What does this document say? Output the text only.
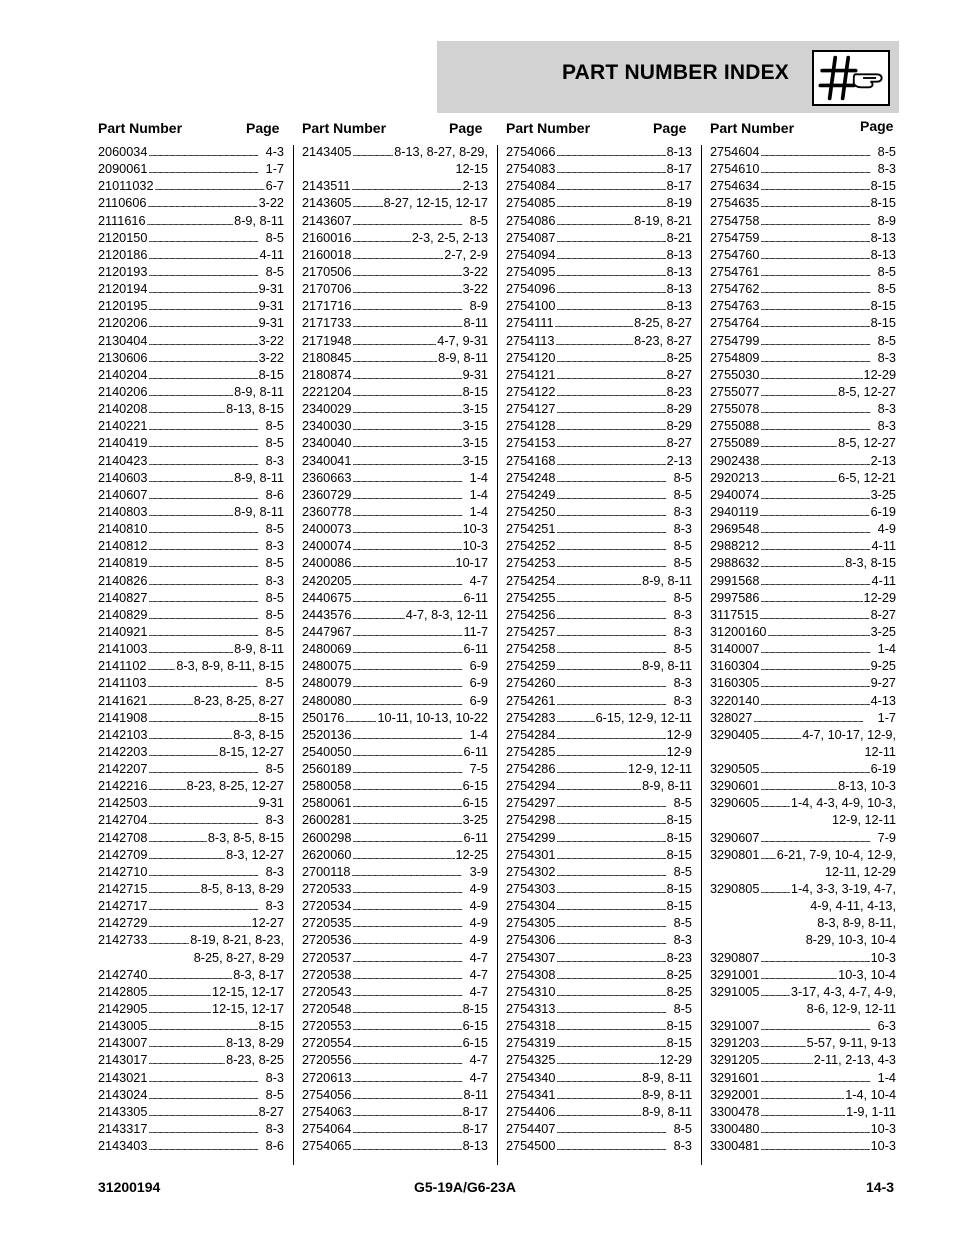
PART NUMBER INDEX
Part Number	Page
2060034 . . .	4-3
2090061 . . .	1-7
21011032 . . .	6-7
2110606 . . .	3-22
2111616 . . .	8-9, 8-11
2120150 . . .	8-5
2120186 . . .	4-11
2120193 . . .	8-5
2120194 . . .	9-31
2120195 . . .	9-31
2120206 . . .	9-31
2130404 . . .	3-22
2130606 . . .	3-22
2140204 . . .	8-15
2140206 . . .	8-9, 8-11
2140208 . . .	8-13, 8-15
2140221 . . .	8-5
2140419 . . .	8-5
2140423 . . .	8-3
2140603 . . .	8-9, 8-11
2140607 . . .	8-6
2140803 . . .	8-9, 8-11
2140810 . . .	8-5
2140812 . . .	8-3
2140819 . . .	8-5
2140826 . . .	8-3
2140827 . . .	8-5
2140829 . . .	8-5
2140921 . . .	8-5
2141003 . . .	8-9, 8-11
2141102 . . . 8-3, 8-9, 8-11, 8-15
2141103 . . .	8-5
2141621 . . .	8-23, 8-25, 8-27
2141908 . . .	8-15
2142103 . . .	8-3, 8-15
2142203 . . .	8-15, 12-27
2142207 . . .	8-5
2142216 . . .	8-23, 8-25, 12-27
2142503 . . .	9-31
2142704 . . .	8-3
2142708 . . .	8-3, 8-5, 8-15
2142709 . . .	8-3, 12-27
2142710 . . .	8-3
2142715 . . .	8-5, 8-13, 8-29
2142717 . . .	8-3
2142729 . . .	12-27
2142733 . . .	8-19, 8-21, 8-23,
8-25, 8-27, 8-29
2142740 . . .	8-3, 8-17
2142805 . . .	12-15, 12-17
2142905 . . .	12-15, 12-17
2143005 . . .	8-15
2143007 . . .	8-13, 8-29
2143017 . . .	8-23, 8-25
2143021 . . .	8-3
2143024 . . .	8-5
2143305 . . .	8-27
2143317 . . .	8-3
2143403 . . .	8-6
Part Number	Page
2143405 . . .	8-13, 8-27, 8-29,
12-15
2143511 . . .	2-13
2143605 . . .	8-27, 12-15, 12-17
2143607 . . .	8-5
2160016 . . .	2-3, 2-5, 2-13
2160018 . . .	2-7, 2-9
2170506 . . .	3-22
2170706 . . .	3-22
2171716 . . .	8-9
2171733 . . .	8-11
2171948 . . .	4-7, 9-31
2180845 . . .	8-9, 8-11
2180874 . . .	9-31
2221204 . . .	8-15
2340029 . . .	3-15
2340030 . . .	3-15
2340040 . . .	3-15
2340041 . . .	3-15
2360663 . . .	1-4
2360729 . . .	1-4
2360778 . . .	1-4
2400073 . . .	10-3
2400074 . . .	10-3
2400086 . . .	10-17
2420205 . . .	4-7
2440675 . . .	6-11
2443576 . . .	4-7, 8-3, 12-11
2447967 . . .	11-7
2480069 . . .	6-11
2480075 . . .	6-9
2480079 . . .	6-9
2480080 . . .	6-9
250176 . . .	10-11, 10-13, 10-22
2520136 . . .	1-4
2540050 . . .	6-11
2560189 . . .	7-5
2580058 . . .	6-15
2580061 . . .	6-15
2600281 . . .	3-25
2600298 . . .	6-11
2620060 . . .	12-25
2700118 . . .	3-9
2720533 . . .	4-9
2720534 . . .	4-9
2720535 . . .	4-9
2720536 . . .	4-9
2720537 . . .	4-7
2720538 . . .	4-7
2720543 . . .	4-7
2720548 . . .	8-15
2720553 . . .	6-15
2720554 . . .	6-15
2720556 . . .	4-7
2720613 . . .	4-7
2754056 . . .	8-11
2754063 . . .	8-17
2754064 . . .	8-17
2754065 . . .	8-13
Part Number	Page
2754066 . . .	8-13
2754083 . . .	8-17
2754084 . . .	8-17
2754085 . . .	8-19
2754086 . . .	8-19, 8-21
2754087 . . .	8-21
2754094 . . .	8-13
2754095 . . .	8-13
2754096 . . .	8-13
2754100 . . .	8-13
2754111 . . .	8-25, 8-27
2754113 . . .	8-23, 8-27
2754120 . . .	8-25
2754121 . . .	8-27
2754122 . . .	8-23
2754127 . . .	8-29
2754128 . . .	8-29
2754153 . . .	8-27
2754168 . . .	2-13
2754248 . . .	8-5
2754249 . . .	8-5
2754250 . . .	8-3
2754251 . . .	8-3
2754252 . . .	8-5
2754253 . . .	8-5
2754254 . . .	8-9, 8-11
2754255 . . .	8-5
2754256 . . .	8-3
2754257 . . .	8-3
2754258 . . .	8-5
2754259 . . .	8-9, 8-11
2754260 . . .	8-3
2754261 . . .	8-3
2754283 . . .	6-15, 12-9, 12-11
2754284 . . .	12-9
2754285 . . .	12-9
2754286 . . .	12-9, 12-11
2754294 . . .	8-9, 8-11
2754297 . . .	8-5
2754298 . . .	8-15
2754299 . . .	8-15
2754301 . . .	8-15
2754302 . . .	8-5
2754303 . . .	8-15
2754304 . . .	8-15
2754305 . . .	8-5
2754306 . . .	8-3
2754307 . . .	8-23
2754308 . . .	8-25
2754310 . . .	8-25
2754313 . . .	8-5
2754318 . . .	8-15
2754319 . . .	8-15
2754325 . . .	12-29
2754340 . . .	8-9, 8-11
2754341 . . .	8-9, 8-11
2754406 . . .	8-9, 8-11
2754407 . . .	8-5
2754500 . . .	8-3
Part Number	Page
2754604 . . .	8-5
2754610 . . .	8-3
2754634 . . .	8-15
2754635 . . .	8-15
2754758 . . .	8-9
2754759 . . .	8-13
2754760 . . .	8-13
2754761 . . .	8-5
2754762 . . .	8-5
2754763 . . .	8-15
2754764 . . .	8-15
2754799 . . .	8-5
2754809 . . .	8-3
2755030 . . .	12-29
2755077 . . .	8-5, 12-27
2755078 . . .	8-3
2755088 . . .	8-3
2755089 . . .	8-5, 12-27
2902438 . . .	2-13
2920213 . . .	6-5, 12-21
2940074 . . .	3-25
2940119 . . .	6-19
2969548 . . .	4-9
2988212 . . .	4-11
2988632 . . .	8-3, 8-15
2991568 . . .	4-11
2997586 . . .	12-29
3117515 . . .	8-27
31200160 . . .	3-25
3140007 . . .	1-4
3160304 . . .	9-25
3160305 . . .	9-27
3220140 . . .	4-13
328027 . . .	1-7
3290405 . . .	4-7, 10-17, 12-9,
12-11
3290505 . . .	6-19
3290601 . . .	8-13, 10-3
3290605 . . . 1-4, 4-3, 4-9, 10-3,
12-9, 12-11
3290607 . . .	7-9
3290801 . . . 6-21, 7-9, 10-4, 12-9,
12-11, 12-29
3290805 . . . 1-4, 3-3, 3-19, 4-7,
4-9, 4-11, 4-13,
8-3, 8-9, 8-11,
8-29, 10-3, 10-4
3290807 . . .	10-3
3291001 . . .	10-3, 10-4
3291005 . . . 3-17, 4-3, 4-7, 4-9,
8-6, 12-9, 12-11
3291007 . . .	6-3
3291203 . . .	5-57, 9-11, 9-13
3291205 . . .	2-11, 2-13, 4-3
3291601 . . .	1-4
3292001 . . .	1-4, 10-4
3300478 . . .	1-9, 1-11
3300480 . . .	10-3
3300481 . . .	10-3
31200194	G5-19A/G6-23A	14-3
